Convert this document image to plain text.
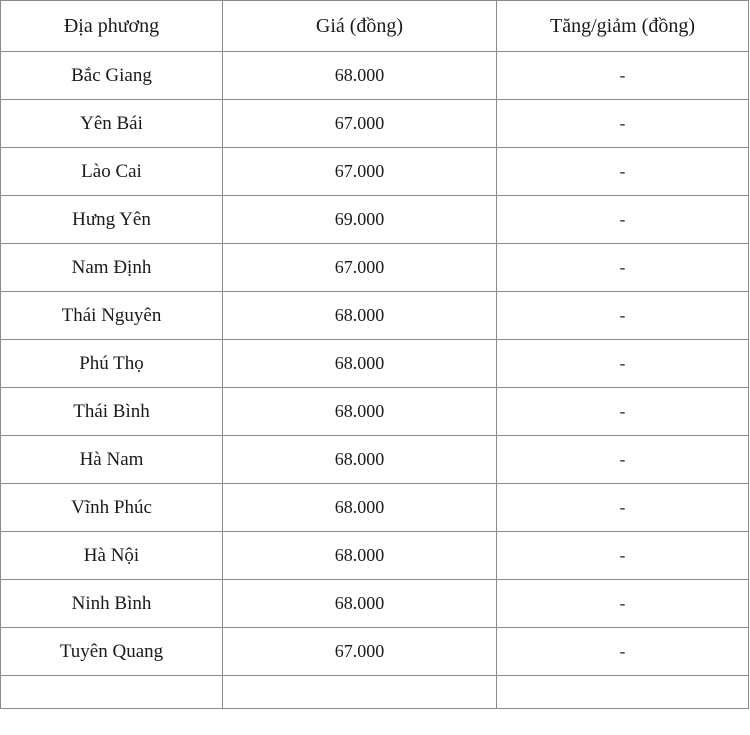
Địa phương	Giá (đồng)	Tăng/giảm (đồng)
Bắc Giang	68.000	-
Yên Bái	67.000	-
Lào Cai	67.000	-
Hưng Yên	69.000	-
Nam Định	67.000	-
Thái Nguyên	68.000	-
Phú Thọ	68.000	-
Thái Bình	68.000	-
Hà Nam	68.000	-
Vĩnh Phúc	68.000	-
Hà Nội	68.000	-
Ninh Bình	68.000	-
Tuyên Quang	67.000	-
